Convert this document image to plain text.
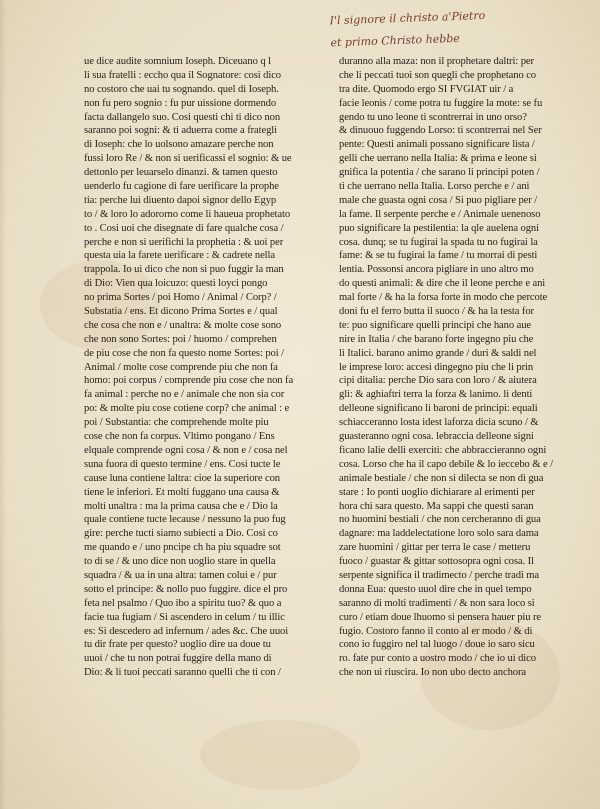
I'l signore il christo a'Pietro
et primo Christo hebbe
ue dice audite somnium Ioseph. Diceuano q l
li sua fratelli : eccho qua il Sognatore: cosi dico
no costoro che uai tu sognando. quel di Ioseph.
non fu pero sognio : fu pur uissione dormendo
facta dallangelo suo. Cosi questi chi ti dico non
saranno poi sogni: & ti aduerra come a frategli
di Ioseph: che lo uolsono amazare perche non
fussi loro Re / & non si uerificassi el sognio: & ue
dettonlo per leuarselo dinanzi. & tamen questo
uenderlo fu cagione di fare uerificare la prophe
tia: perche lui diuento dapoi signor dello Egyp
to / & loro lo adororno come li haueua prophetato
to . Cosi uoi che disegnate di fare qualche cosa /
perche e non si uerifichi la prophetia : & uoi per
questa uia la farete uerificare : & cadrete nella
trappola. Io ui dico che non si puo fuggir la man
di Dio: Vien qua loicuzo: questi loyci pongo
no prima Sortes / poi Homo / Animal / Corp? /
Substatia / ens. Et dicono Prima Sortes e / qual
che cosa che non e / unaltra: & molte cose sono
che non sono Sortes: poi / huomo / comprehen
de piu cose che non fa questo nome Sortes: poi /
Animal / molte cose comprende piu che non fa
homo: poi corpus / comprende piu cose che non fa
fa animal : perche no e / animale che non sia cor
po: & molte piu cose cotiene corp? che animal : e
poi / Substantia: che comprehende molte piu
cose che non fa corpus. Vltimo pongano / Ens
elquale comprende ogni cosa / & non e / cosa nel
suna fuora di questo termine / ens. Cosi tucte le
cause luna contiene laltra: cioe la superiore con
tiene le inferiori. Et molti fuggano una causa &
molti unaltra : ma la prima causa che e / Dio la
quale contiene tucte lecause / nessuno la puo fug
gire: perche tucti siamo subiecti a Dio. Cosi co
me quando e / uno pncipe ch ha piu squadre sot
to di se / & uno dice non uoglio stare in quella
squadra / & ua in una altra: tamen colui e / pur
sotto el principe: & nollo puo fuggire. dice el pro
feta nel psalmo / Quo ibo a spiritu tuo? & quo a
facie tua fugiam / Si ascendero in celum / tu illic
es: Si descedero ad infernum / ades &c. Che uuoi
tu dir frate per questo? uoglio dire ua doue tu
uuoi / che tu non potrai fuggire della mano di
Dio: & li tuoi peccati saranno quelli che ti con /
duranno alla maza: non il prophetare daltri: per
che li peccati tuoi son quegli che prophetano co
tra dite. Quomodo ergo SI FVGIAT uir / a
facie leonis / come potra tu fuggire la mote: se fu
gendo tu uno leone ti scontrerrai in uno orso?
& dinuouo fuggendo Lorso: ti scontrerrai nel Ser
pente: Questi animali possano significare lista /
gelli che uerrano nella Italia: & prima e leone si
gnifica la potentia / che sarano li principi poten /
ti che uerrano nella Italia. Lorso perche e / ani
male che guasta ogni cosa / Si puo pigliare per /
la fame. Il serpente perche e / Animale uenenoso
puo significare la pestilentia: la qle auelena ogni
cosa. dunq; se tu fugirai la spada tu no fugirai la
fame: & se tu fugirai la fame / tu morrai di pesti
lentia. Possonsi ancora pigliare in uno altro mo
do questi animali: & dire che il leone perche e ani
mal forte / & ha la forsa forte in modo che percote
doni fu el ferro butta il suoco / & ha la testa for
te: puo significare quelli principi che hano aue
nire in Italia / che barano forte ingegno piu che
li Italici. barano animo grande / duri & saldi nel
le imprese loro: accesi dingegno piu che li prin
cipi ditalia: perche Dio sara con loro / & aiutera
gli: & aghiaftri terra la forza & lanimo. li denti
delleone significano li baroni de principi: equali
schiacceranno losta idest laforza dicia scuno / &
guasteranno ogni cosa. lebraccia delleone signi
ficano lalie delli exerciti: che abbraccieranno ogni
cosa. Lorso che ha il capo debile & lo ieccebo & e /
animale bestiale / che non si dilecta se non di gua
stare : Io ponti uoglio dichiarare al erimenti per
hora chi sara questo. Ma sappi che questi saran
no huomini bestiali / che non cercheranno di gua
dagnare: ma laddelectatione loro solo sara dama
zare huomini / gittar per terra le case / metteru
fuoco / guastar & gittar sottosopra ogni cosa. Il
serpente significa il tradimecto / perche tradi ma
donna Eua: questo uuol dire che in quel tempo
saranno di molti tradimenti / & non sara loco si
curo / etiam doue lhuomo si pensera hauer piu re
fugio. Costoro fanno il conto al er modo / & di
cono io fuggiro nel tal luogo / doue io saro sicu
ro. fate pur conto a uostro modo / che io ui dico
che non ui riuscira. Io non ubo decto anchora
